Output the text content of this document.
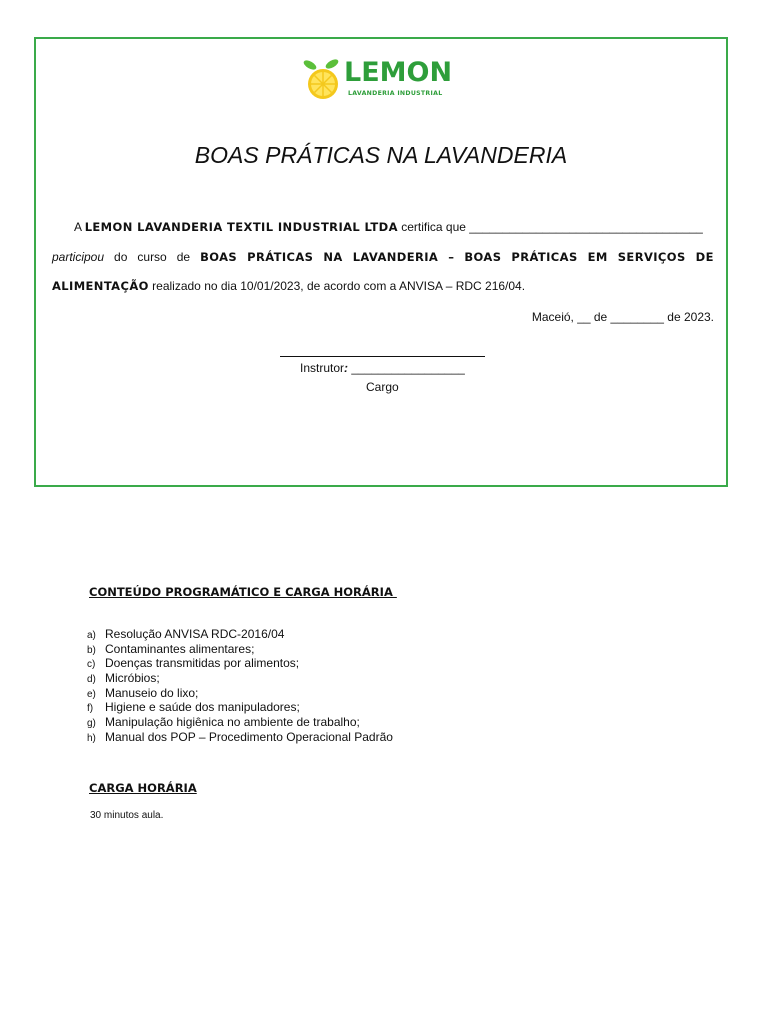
LEMON
LAVANDERIA INDUSTRIAL
BOAS PRÁTICAS NA LAVANDERIA
A LEMON LAVANDERIA TEXTIL INDUSTRIAL LTDA certifica que ___________________________________
participou do curso de BOAS PRÁTICAS NA LAVANDERIA – BOAS PRÁTICAS EM SERVIÇOS DE
ALIMENTAÇÃO realizado no dia 10/01/2023, de acordo com a ANVISA – RDC 216/04.
Maceió, __ de ________ de 2023.
Instrutor: _________________
Cargo
CONTEÚDO PROGRAMÁTICO E CARGA HORÁRIA
a) Resolução ANVISA RDC-2016/04
b) Contaminantes alimentares;
c) Doenças transmitidas por alimentos;
d) Micróbios;
e) Manuseio do lixo;
f) Higiene e saúde dos manipuladores;
g) Manipulação higiênica no ambiente de trabalho;
h) Manual dos POP – Procedimento Operacional Padrão
CARGA HORÁRIA
30 minutos aula.
